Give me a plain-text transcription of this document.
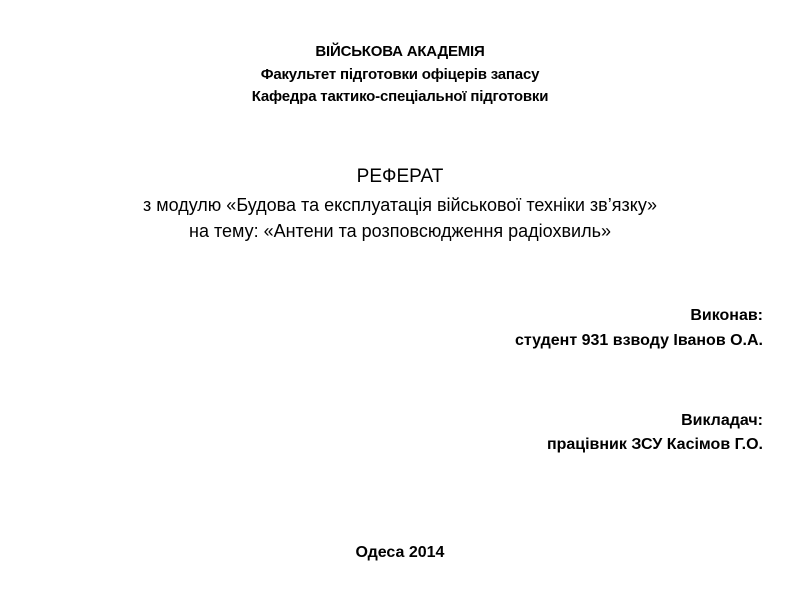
ВІЙСЬКОВА АКАДЕМІЯ
Факультет підготовки офіцерів запасу
Кафедра тактико-спеціальної підготовки
РЕФЕРАТ
з модулю «Будова та експлуатація військової техніки зв’язку»
на тему: «Антени та розповсюдження радіохвиль»
Виконав:
студент 931 взводу Іванов О.А.
Викладач:
працівник ЗСУ Касімов Г.О.
Одеса 2014
